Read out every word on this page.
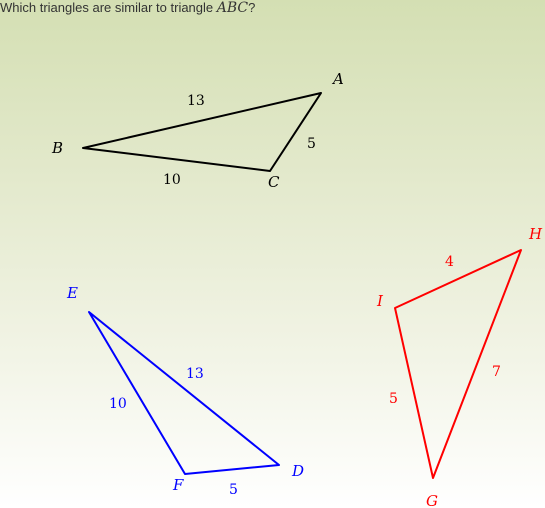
Which triangles are similar to triangle ABC?
A
B
C
13
10
5
D
E
F
13
10
5
G
H
I
4
5
7
